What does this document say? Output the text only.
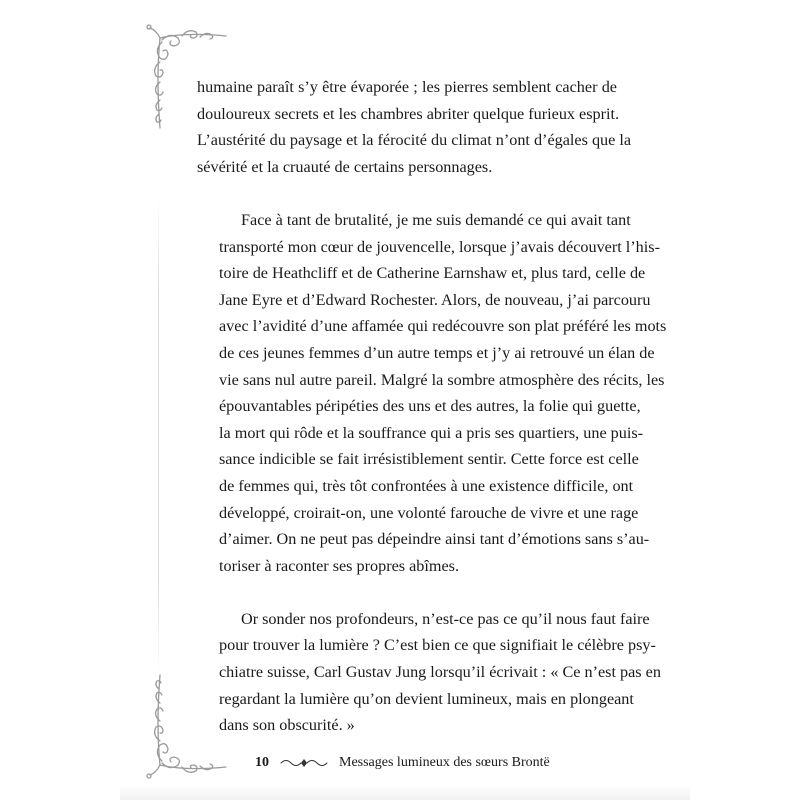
humaine paraît s’y être évaporée ; les pierres semblent cacher de
douloureux secrets et les chambres abriter quelque furieux esprit.
L’austérité du paysage et la férocité du climat n’ont d’égales que la
sévérité et la cruauté de certains personnages.

Face à tant de brutalité, je me suis demandé ce qui avait tant
transporté mon cœur de jouvencelle, lorsque j’avais découvert l’his-
toire de Heathcliff et de Catherine Earnshaw et, plus tard, celle de
Jane Eyre et d’Edward Rochester. Alors, de nouveau, j’ai parcouru
avec l’avidité d’une affamée qui redécouvre son plat préféré les mots
de ces jeunes femmes d’un autre temps et j’y ai retrouvé un élan de
vie sans nul autre pareil. Malgré la sombre atmosphère des récits, les
épouvantables péripéties des uns et des autres, la folie qui guette,
la mort qui rôde et la souffrance qui a pris ses quartiers, une puis-
sance indicible se fait irrésistiblement sentir. Cette force est celle
de femmes qui, très tôt confrontées à une existence difficile, ont
développé, croirait-on, une volonté farouche de vivre et une rage
d’aimer. On ne peut pas dépeindre ainsi tant d’émotions sans s’au-
toriser à raconter ses propres abîmes.

Or sonder nos profondeurs, n’est-ce pas ce qu’il nous faut faire
pour trouver la lumière ? C’est bien ce que signifiait le célèbre psy-
chiatre suisse, Carl Gustav Jung lorsqu’il écrivait : « Ce n’est pas en
regardant la lumière qu’on devient lumineux, mais en plongeant
dans son obscurité. »

10	Messages lumineux des sœurs Brontë
